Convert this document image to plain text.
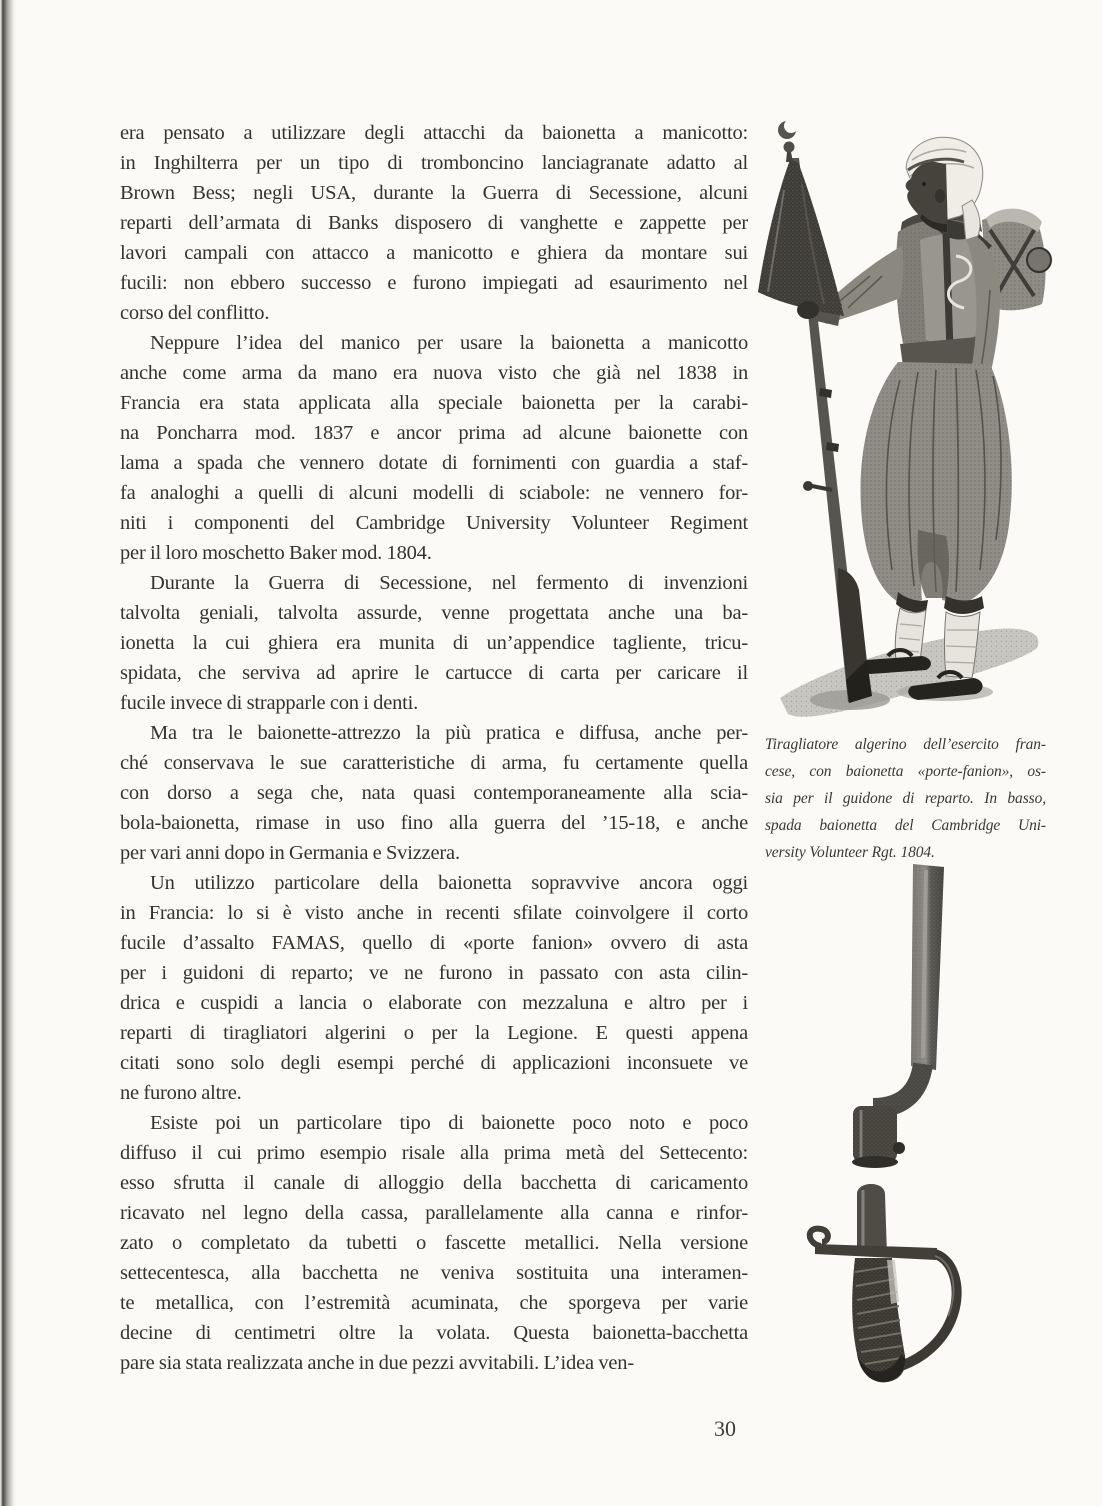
era pensato a utilizzare degli attacchi da baionetta a manicotto:
in Inghilterra per un tipo di tromboncino lanciagranate adatto al
Brown Bess; negli USA, durante la Guerra di Secessione, alcuni
reparti dell’armata di Banks disposero di vanghette e zappette per
lavori campali con attacco a manicotto e ghiera da montare sui
fucili: non ebbero successo e furono impiegati ad esaurimento nel
corso del conflitto.
Neppure l’idea del manico per usare la baionetta a manicotto
anche come arma da mano era nuova visto che già nel 1838 in
Francia era stata applicata alla speciale baionetta per la carabi-
na Poncharra mod. 1837 e ancor prima ad alcune baionette con
lama a spada che vennero dotate di fornimenti con guardia a staf-
fa analoghi a quelli di alcuni modelli di sciabole: ne vennero for-
niti i componenti del Cambridge University Volunteer Regiment
per il loro moschetto Baker mod. 1804.
Durante la Guerra di Secessione, nel fermento di invenzioni
talvolta geniali, talvolta assurde, venne progettata anche una ba-
ionetta la cui ghiera era munita di un’appendice tagliente, tricu-
spidata, che serviva ad aprire le cartucce di carta per caricare il
fucile invece di strapparle con i denti.
Ma tra le baionette-attrezzo la più pratica e diffusa, anche per-
ché conservava le sue caratteristiche di arma, fu certamente quella
con dorso a sega che, nata quasi contemporaneamente alla scia-
bola-baionetta, rimase in uso fino alla guerra del ’15-18, e anche
per vari anni dopo in Germania e Svizzera.
Un utilizzo particolare della baionetta sopravvive ancora oggi
in Francia: lo si è visto anche in recenti sfilate coinvolgere il corto
fucile d’assalto FAMAS, quello di «porte fanion» ovvero di asta
per i guidoni di reparto; ve ne furono in passato con asta cilin-
drica e cuspidi a lancia o elaborate con mezzaluna e altro per i
reparti di tiragliatori algerini o per la Legione. E questi appena
citati sono solo degli esempi perché di applicazioni inconsuete ve
ne furono altre.
Esiste poi un particolare tipo di baionette poco noto e poco
diffuso il cui primo esempio risale alla prima metà del Settecento:
esso sfrutta il canale di alloggio della bacchetta di caricamento
ricavato nel legno della cassa, parallelamente alla canna e rinfor-
zato o completato da tubetti o fascette metallici. Nella versione
settecentesca, alla bacchetta ne veniva sostituita una interamen-
te metallica, con l’estremità acuminata, che sporgeva per varie
decine di centimetri oltre la volata. Questa baionetta-bacchetta
pare sia stata realizzata anche in due pezzi avvitabili. L’idea ven-
Tiragliatore algerino dell’esercito fran-
cese, con baionetta «porte-fanion», os-
sia per il guidone di reparto. In basso,
spada baionetta del Cambridge Uni-
versity Volunteer Rgt. 1804.
30
